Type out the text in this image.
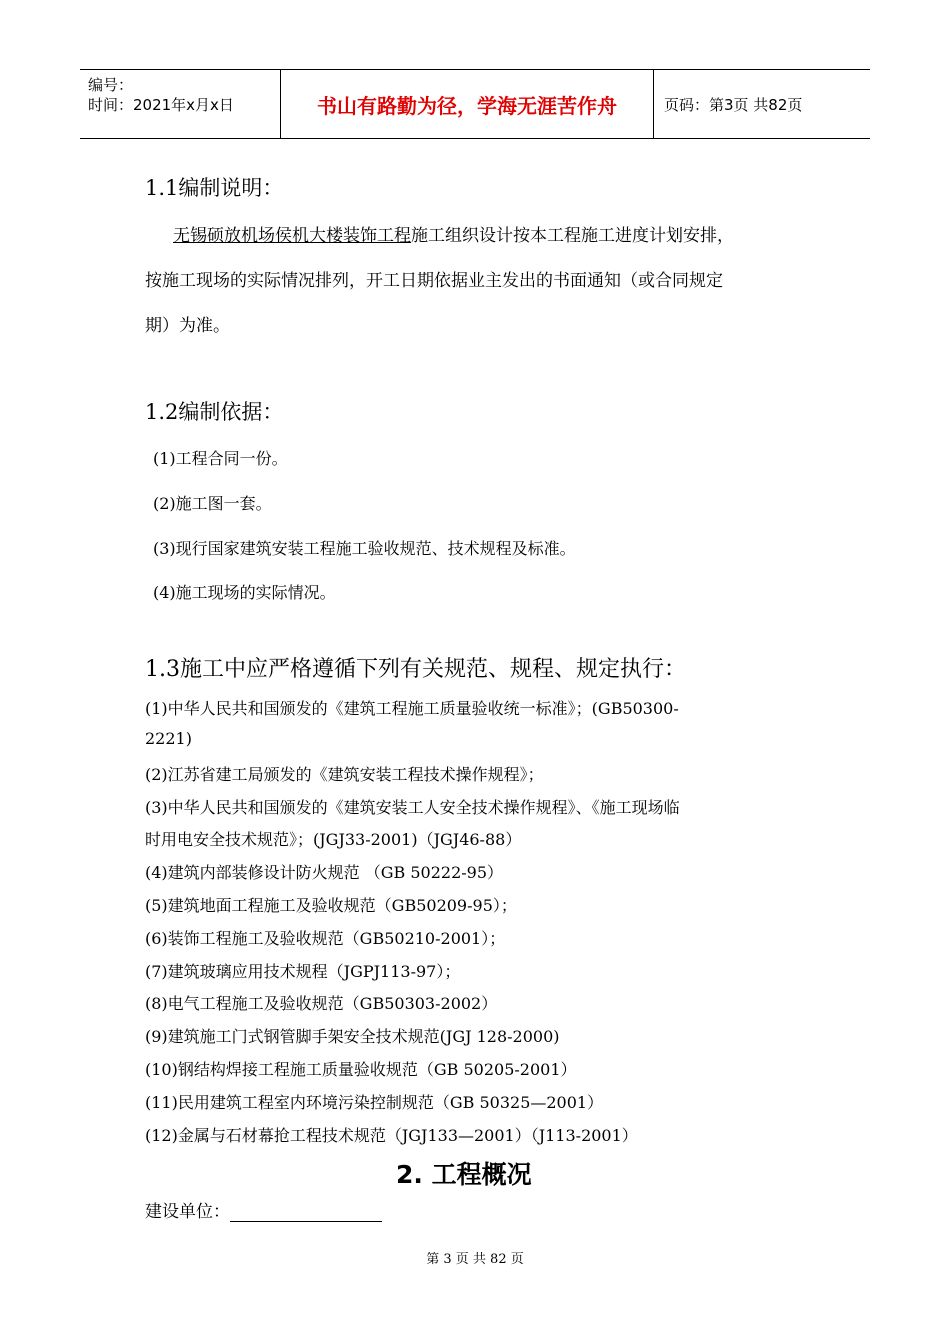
编号：
时间：2021年x月x日	书山有路勤为径，学海无涯苦作舟	页码：第3页 共82页
1.1编制说明：
无锡硕放机场侯机大楼装饰工程施工组织设计按本工程施工进度计划安排，
按施工现场的实际情况排列，开工日期依据业主发出的书面通知（或合同规定
期）为准。
1.2编制依据：
(1)工程合同一份。
(2)施工图一套。
(3)现行国家建筑安装工程施工验收规范、技术规程及标准。
(4)施工现场的实际情况。
1.3施工中应严格遵循下列有关规范、规程、规定执行：
(1)中华人民共和国颁发的《建筑工程施工质量验收统一标准》；(GB50300-
2221)
(2)江苏省建工局颁发的《建筑安装工程技术操作规程》；
(3)中华人民共和国颁发的《建筑安装工人安全技术操作规程》、《施工现场临
时用电安全技术规范》；(JGJ33-2001)（JGJ46-88）
(4)建筑内部装修设计防火规范 （GB 50222-95）
(5)建筑地面工程施工及验收规范（GB50209-95）；
(6)装饰工程施工及验收规范（GB50210-2001）；
(7)建筑玻璃应用技术规程（JGPJ113-97）；
(8)电气工程施工及验收规范（GB50303-2002）
(9)建筑施工门式钢管脚手架安全技术规范(JGJ 128-2000)
(10)钢结构焊接工程施工质量验收规范（GB 50205-2001）
(11)民用建筑工程室内环境污染控制规范（GB 50325—2001）
(12)金属与石材幕抢工程技术规范（JGJ133—2001）（J113-2001）
2. 工程概况
建设单位：
第 3 页 共 82 页
